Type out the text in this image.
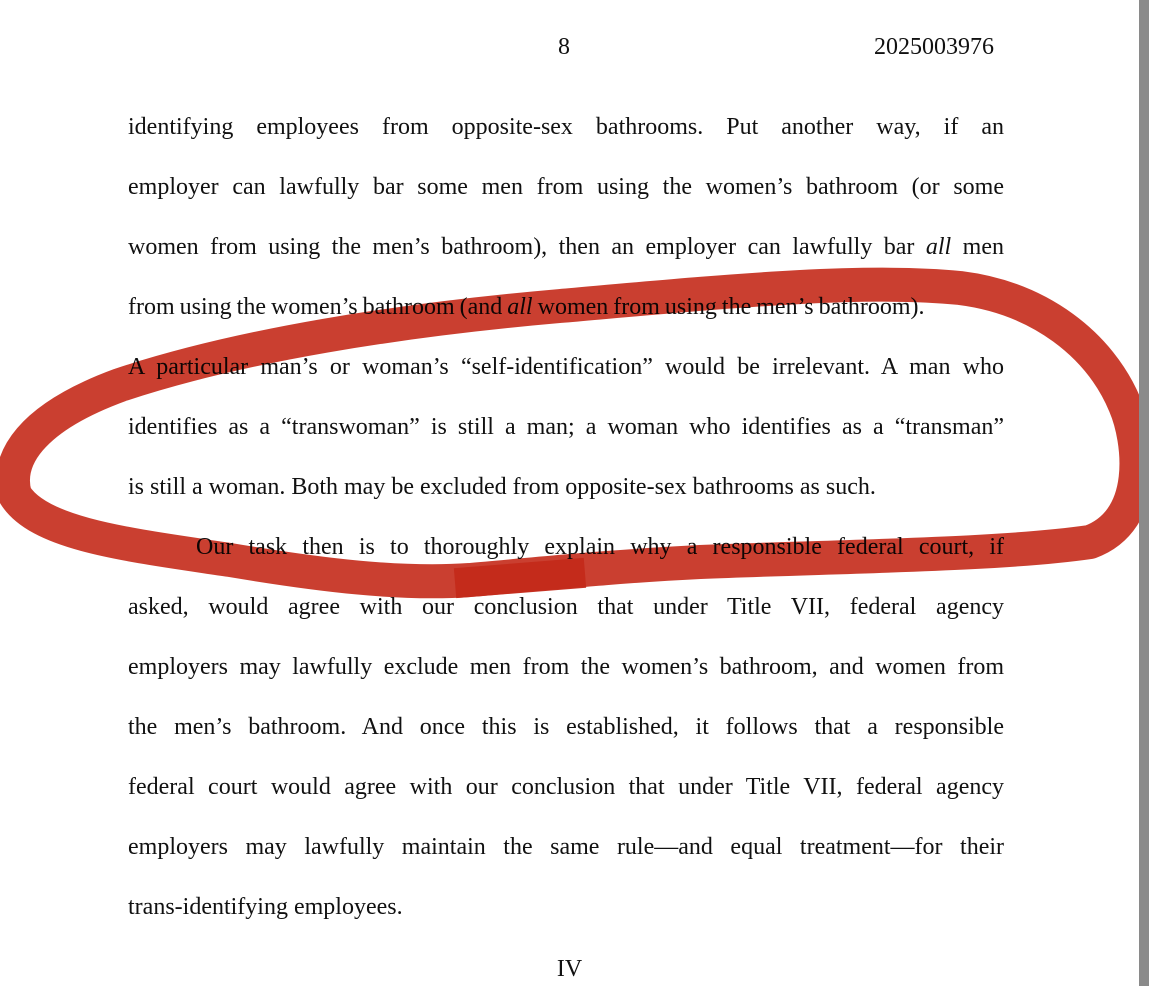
8	2025003976
identifying employees from opposite-sex bathrooms. Put another way, if an
employer can lawfully bar some men from using the women’s bathroom (or some
women from using the men’s bathroom), then an employer can lawfully bar all men
from using the women’s bathroom (and all women from using the men’s bathroom).
A particular man’s or woman’s “self-identification” would be irrelevant. A man who
identifies as a “transwoman” is still a man; a woman who identifies as a “transman”
is still a woman. Both may be excluded from opposite-sex bathrooms as such.
Our task then is to thoroughly explain why a responsible federal court, if
asked, would agree with our conclusion that under Title VII, federal agency
employers may lawfully exclude men from the women’s bathroom, and women from
the men’s bathroom. And once this is established, it follows that a responsible
federal court would agree with our conclusion that under Title VII, federal agency
employers may lawfully maintain the same rule—and equal treatment—for their
trans-identifying employees.
IV
